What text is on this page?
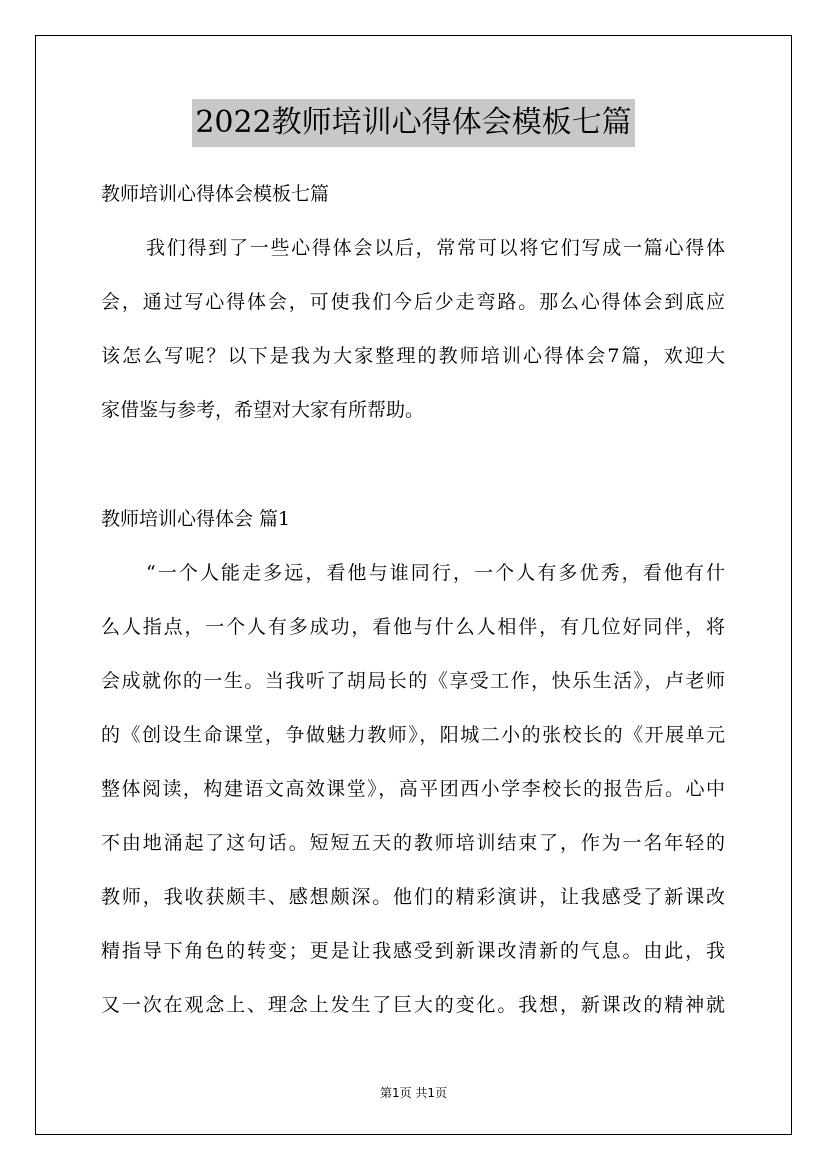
2022教师培训心得体会模板七篇
教师培训心得体会模板七篇
我们得到了一些心得体会以后，常常可以将它们写成一篇心得体
会，通过写心得体会，可使我们今后少走弯路。那么心得体会到底应
该怎么写呢？以下是我为大家整理的教师培训心得体会7篇，欢迎大
家借鉴与参考，希望对大家有所帮助。
教师培训心得体会 篇1
“一个人能走多远，看他与谁同行，一个人有多优秀，看他有什
么人指点，一个人有多成功，看他与什么人相伴，有几位好同伴，将
会成就你的一生。当我听了胡局长的《享受工作，快乐生活》，卢老师
的《创设生命课堂，争做魅力教师》，阳城二小的张校长的《开展单元
整体阅读，构建语文高效课堂》，高平团西小学李校长的报告后。心中
不由地涌起了这句话。短短五天的教师培训结束了，作为一名年轻的
教师，我收获颇丰、感想颇深。他们的精彩演讲，让我感受了新课改
精指导下角色的转变；更是让我感受到新课改清新的气息。由此，我
又一次在观念上、理念上发生了巨大的变化。我想，新课改的精神就
第1页 共1页
